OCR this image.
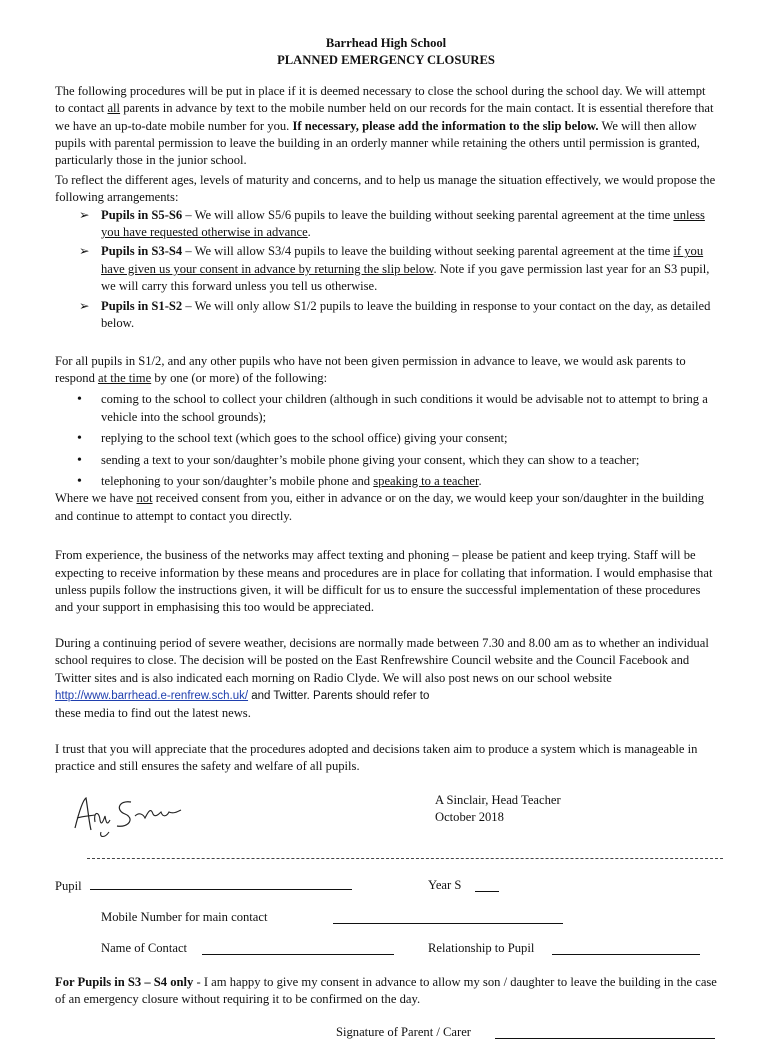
Barrhead High School
PLANNED EMERGENCY CLOSURES

The following procedures will be put in place if it is deemed necessary to close the school during the school day. We will attempt to contact all parents in advance by text to the mobile number held on our records for the main contact. It is essential therefore that we have an up-to-date mobile number for you. If necessary, please add the information to the slip below. We will then allow pupils with parental permission to leave the building in an orderly manner while retaining the others until permission is granted, particularly those in the junior school.

To reflect the different ages, levels of maturity and concerns, and to help us manage the situation effectively, we would propose the following arrangements:

➢ Pupils in S5-S6 – We will allow S5/6 pupils to leave the building without seeking parental agreement at the time unless you have requested otherwise in advance.
➢ Pupils in S3-S4 – We will allow S3/4 pupils to leave the building without seeking parental agreement at the time if you have given us your consent in advance by returning the slip below. Note if you gave permission last year for an S3 pupil, we will carry this forward unless you tell us otherwise.
➢ Pupils in S1-S2 – We will only allow S1/2 pupils to leave the building in response to your contact on the day, as detailed below.

For all pupils in S1/2, and any other pupils who have not been given permission in advance to leave, we would ask parents to respond at the time by one (or more) of the following:

• coming to the school to collect your children (although in such conditions it would be advisable not to attempt to bring a vehicle into the school grounds);
• replying to the school text (which goes to the school office) giving your consent;
• sending a text to your son/daughter’s mobile phone giving your consent, which they can show to a teacher;
• telephoning to your son/daughter’s mobile phone and speaking to a teacher.

Where we have not received consent from you, either in advance or on the day, we would keep your son/daughter in the building and continue to attempt to contact you directly.

From experience, the business of the networks may affect texting and phoning – please be patient and keep trying. Staff will be expecting to receive information by these means and procedures are in place for collating that information. I would emphasise that unless pupils follow the instructions given, it will be difficult for us to ensure the successful implementation of these procedures and your support in emphasising this too would be appreciated.

During a continuing period of severe weather, decisions are normally made between 7.30 and 8.00 am as to whether an individual school requires to close. The decision will be posted on the East Renfrewshire Council website and the Council Facebook and Twitter sites and is also indicated each morning on Radio Clyde. We will also post news on our school website http://www.barrhead.e-renfrew.sch.uk/ and Twitter. Parents should refer to
these media to find out the latest news.

I trust that you will appreciate that the procedures adopted and decisions taken aim to produce a system which is manageable in practice and still ensures the safety and welfare of all pupils.

A Sinclair, Head Teacher
October 2018
Pupil	Year S
Mobile Number for main contact
Name of Contact	Relationship to Pupil

For Pupils in S3 – S4 only - I am happy to give my consent in advance to allow my son / daughter to leave the building in the case of an emergency closure without requiring it to be confirmed on the day.

Signature of Parent / Carer
